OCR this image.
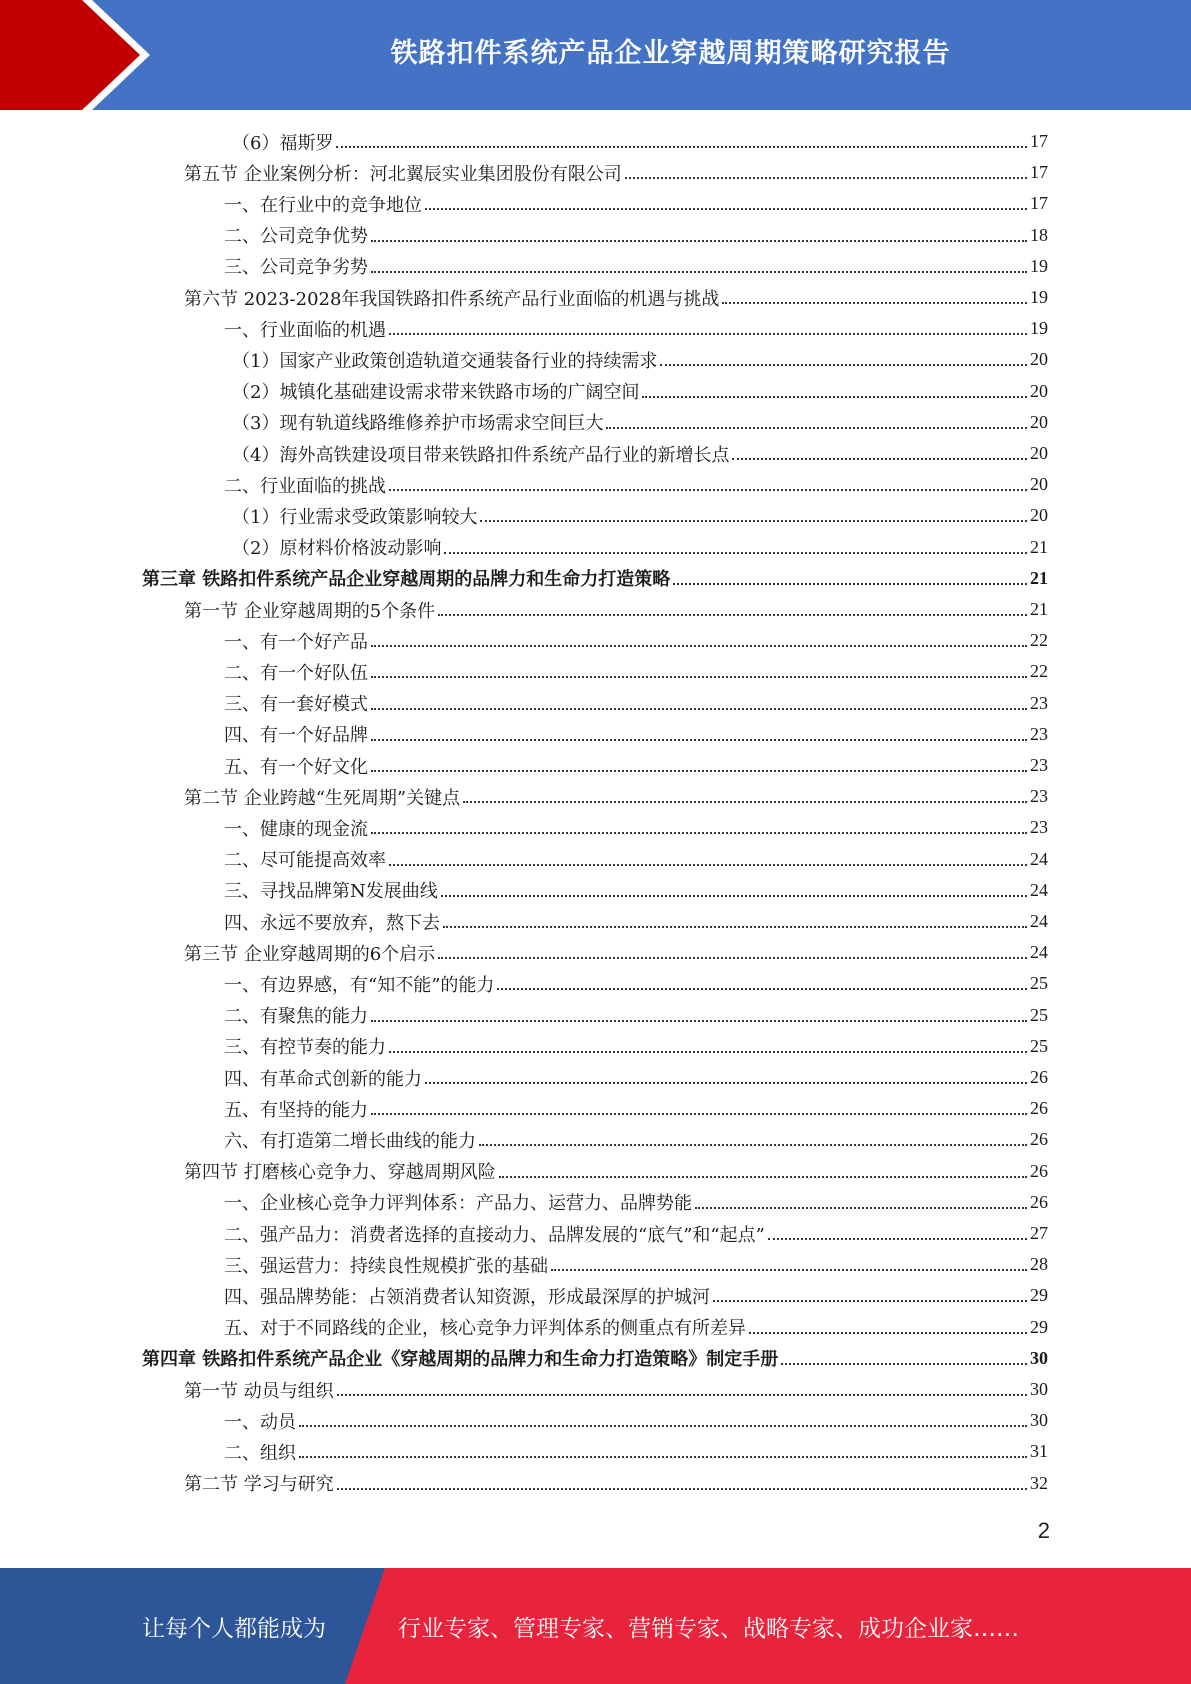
铁路扣件系统产品企业穿越周期策略研究报告
（6）福斯罗	17
第五节 企业案例分析：河北翼辰实业集团股份有限公司	17
一、在行业中的竞争地位	17
二、公司竞争优势	18
三、公司竞争劣势	19
第六节 2023-2028年我国铁路扣件系统产品行业面临的机遇与挑战	19
一、行业面临的机遇	19
（1）国家产业政策创造轨道交通装备行业的持续需求	20
（2）城镇化基础建设需求带来铁路市场的广阔空间	20
（3）现有轨道线路维修养护市场需求空间巨大	20
（4）海外高铁建设项目带来铁路扣件系统产品行业的新增长点	20
二、行业面临的挑战	20
（1）行业需求受政策影响较大	20
（2）原材料价格波动影响	21
第三章 铁路扣件系统产品企业穿越周期的品牌力和生命力打造策略	21
第一节 企业穿越周期的5个条件	21
一、有一个好产品	22
二、有一个好队伍	22
三、有一套好模式	23
四、有一个好品牌	23
五、有一个好文化	23
第二节 企业跨越“生死周期”关键点	23
一、健康的现金流	23
二、尽可能提高效率	24
三、寻找品牌第N发展曲线	24
四、永远不要放弃，熬下去	24
第三节 企业穿越周期的6个启示	24
一、有边界感，有“知不能”的能力	25
二、有聚焦的能力	25
三、有控节奏的能力	25
四、有革命式创新的能力	26
五、有坚持的能力	26
六、有打造第二增长曲线的能力	26
第四节 打磨核心竞争力、穿越周期风险	26
一、企业核心竞争力评判体系：产品力、运营力、品牌势能	26
二、强产品力：消费者选择的直接动力、品牌发展的“底气”和“起点”	27
三、强运营力：持续良性规模扩张的基础	28
四、强品牌势能：占领消费者认知资源，形成最深厚的护城河	29
五、对于不同路线的企业，核心竞争力评判体系的侧重点有所差异	29
第四章 铁路扣件系统产品企业《穿越周期的品牌力和生命力打造策略》制定手册	30
第一节 动员与组织	30
一、动员	30
二、组织	31
第二节 学习与研究	32
2
让每个人都能成为	行业专家、管理专家、营销专家、战略专家、成功企业家……
